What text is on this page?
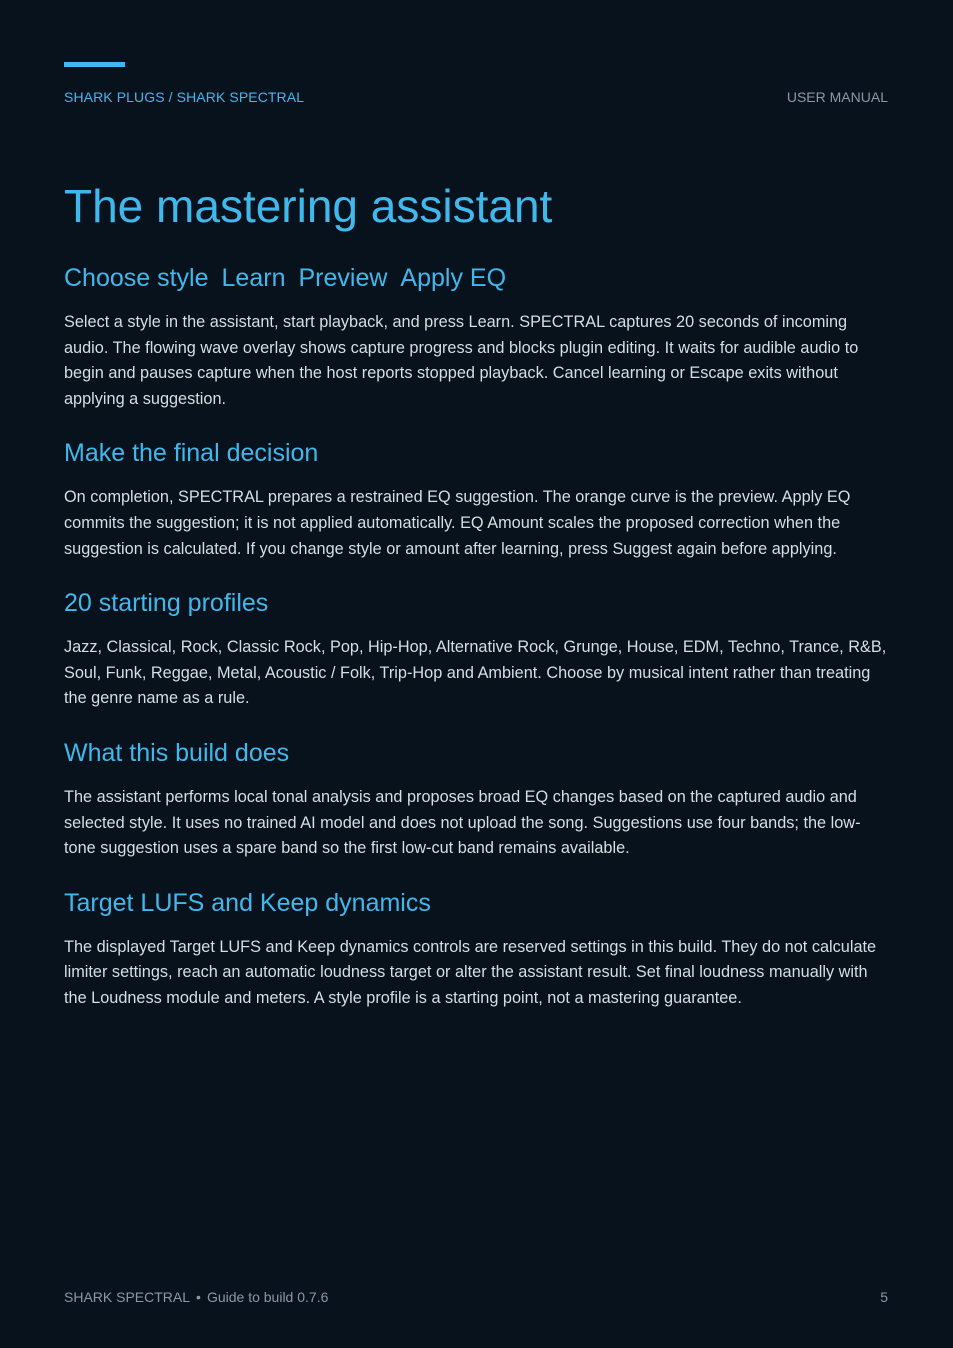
SHARK PLUGS / SHARK SPECTRAL	USER MANUAL
The mastering assistant
Choose style Learn Preview Apply EQ

Select a style in the assistant, start playback, and press Learn. SPECTRAL captures 20 seconds of incoming audio. The flowing wave overlay shows capture progress and blocks plugin editing. It waits for audible audio to begin and pauses capture when the host reports stopped playback. Cancel learning or Escape exits without applying a suggestion.

Make the final decision

On completion, SPECTRAL prepares a restrained EQ suggestion. The orange curve is the preview. Apply EQ commits the suggestion; it is not applied automatically. EQ Amount scales the proposed correction when the suggestion is calculated. If you change style or amount after learning, press Suggest again before applying.

20 starting profiles

Jazz, Classical, Rock, Classic Rock, Pop, Hip-Hop, Alternative Rock, Grunge, House, EDM, Techno, Trance, R&B, Soul, Funk, Reggae, Metal, Acoustic / Folk, Trip-Hop and Ambient. Choose by musical intent rather than treating the genre name as a rule.

What this build does

The assistant performs local tonal analysis and proposes broad EQ changes based on the captured audio and selected style. It uses no trained AI model and does not upload the song. Suggestions use four bands; the low-tone suggestion uses a spare band so the first low-cut band remains available.

Target LUFS and Keep dynamics

The displayed Target LUFS and Keep dynamics controls are reserved settings in this build. They do not calculate limiter settings, reach an automatic loudness target or alter the assistant result. Set final loudness manually with the Loudness module and meters. A style profile is a starting point, not a mastering guarantee.

SHARK SPECTRAL • Guide to build 0.7.6	5
